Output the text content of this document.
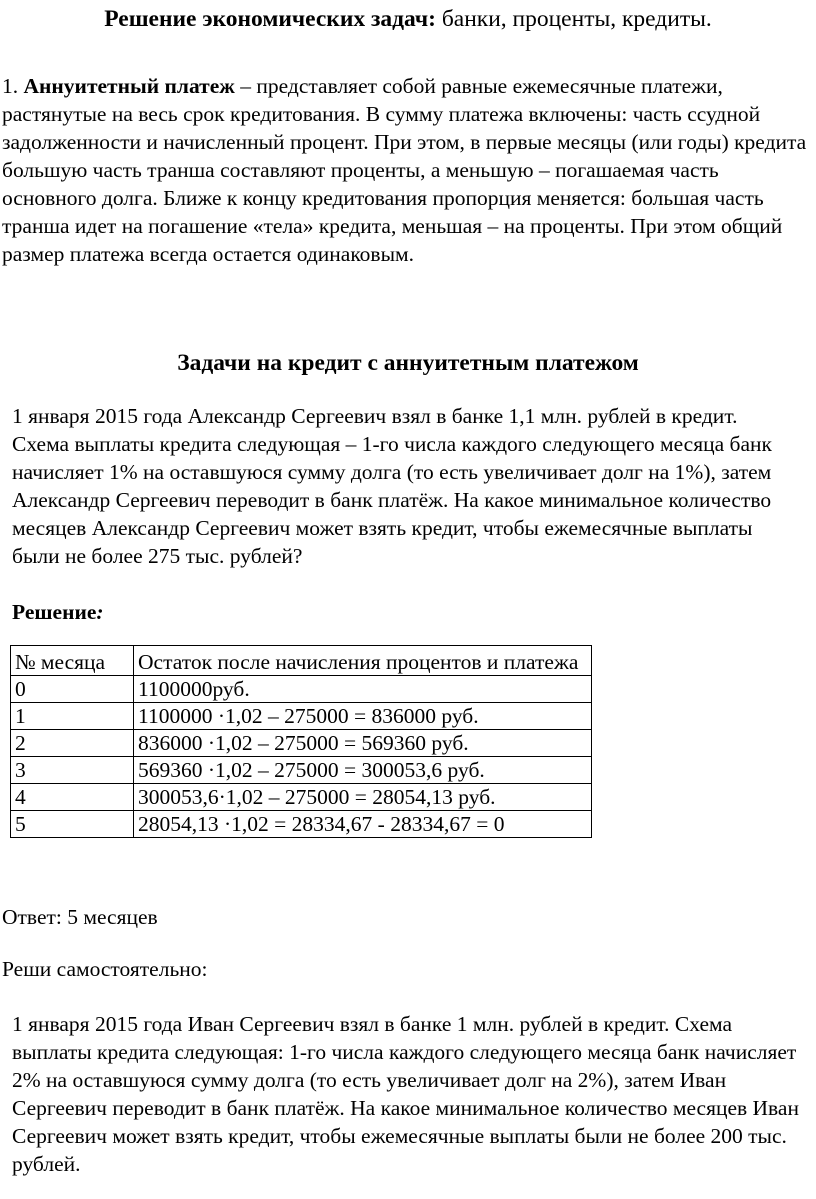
Решение экономических задач: банки, проценты, кредиты.
1. Аннуитетный платеж – представляет собой равные ежемесячные платежи, растянутые на весь срок кредитования. В сумму платежа включены: часть ссудной задолженности и начисленный процент. При этом, в первые месяцы (или годы) кредита большую часть транша составляют проценты, а меньшую – погашаемая часть основного долга. Ближе к концу кредитования пропорция меняется: большая часть транша идет на погашение «тела» кредита, меньшая – на проценты. При этом общий размер платежа всегда остается одинаковым.
Задачи на кредит с аннуитетным платежом
1 января 2015 года Александр Сергеевич взял в банке 1,1 млн. рублей в кредит. Схема выплаты кредита следующая – 1-го числа каждого следующего месяца банк начисляет 1% на оставшуюся сумму долга (то есть увеличивает долг на 1%), затем Александр Сергеевич переводит в банк платёж. На какое минимальное количество месяцев Александр Сергеевич может взять кредит, чтобы ежемесячные выплаты были не более 275 тыс. рублей?
Решение:
№ месяца	Остаток после начисления процентов и платежа
0	1100000руб.
1	1100000 ·1,02 – 275000 = 836000 руб.
2	836000 ·1,02 – 275000 = 569360 руб.
3	569360 ·1,02 – 275000 = 300053,6 руб.
4	300053,6·1,02 – 275000 = 28054,13 руб.
5	28054,13 ·1,02 = 28334,67 - 28334,67 = 0
Ответ: 5 месяцев
Реши самостоятельно:
1 января 2015 года Иван Сергеевич взял в банке 1 млн. рублей в кредит. Схема выплаты кредита следующая: 1-го числа каждого следующего месяца банк начисляет 2% на оставшуюся сумму долга (то есть увеличивает долг на 2%), затем Иван Сергеевич переводит в банк платёж. На какое минимальное количество месяцев Иван Сергеевич может взять кредит, чтобы ежемесячные выплаты были не более 200 тыс. рублей.
